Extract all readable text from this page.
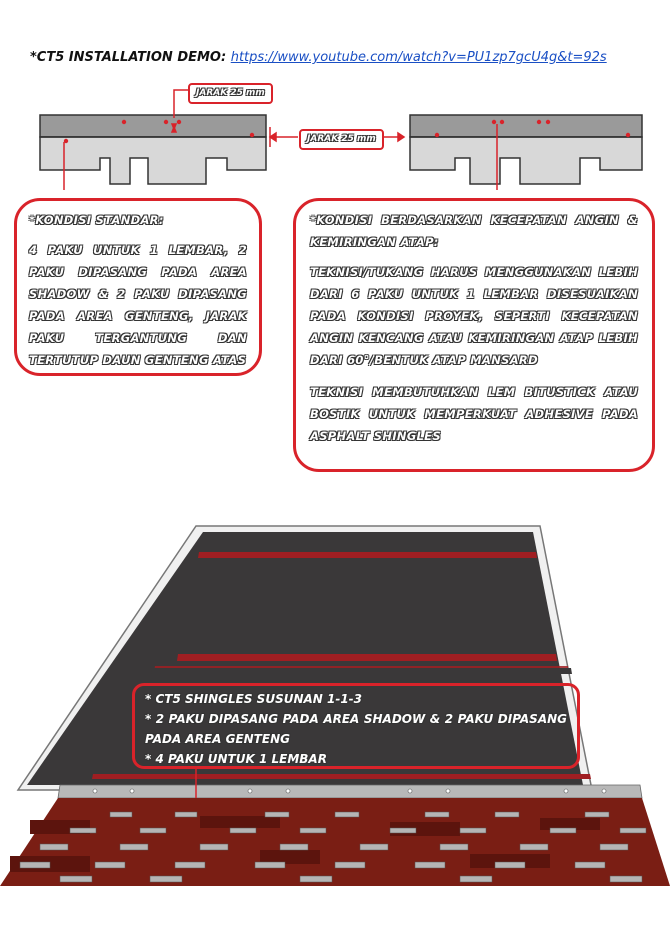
*CT5 INSTALLATION DEMO: https://www.youtube.com/watch?v=PU1zp7gcU4g&t=92s
JARAK 25 mm
JARAK 25 mm

*KONDISI STANDAR:

4 PAKU UNTUK 1 LEMBAR, 2 PAKU DIPASANG PADA AREA SHADOW & 2 PAKU DIPASANG PADA AREA GENTENG, JARAK PAKU TERGANTUNG DAN TERTUTUP DAUN GENTENG ATAS

*KONDISI BERDASARKAN KECEPATAN ANGIN & KEMIRINGAN ATAP:

TEKNISI/TUKANG HARUS MENGGUNAKAN LEBIH DARI 6 PAKU UNTUK 1 LEMBAR DISESUAIKAN PADA KONDISI PROYEK, SEPERTI KECEPATAN ANGIN KENCANG ATAU KEMIRINGAN ATAP LEBIH DARI 60°/BENTUK ATAP MANSARD

TEKNISI MEMBUTUHKAN LEM BITUSTICK ATAU BOSTIK UNTUK MEMPERKUAT ADHESIVE PADA ASPHALT SHINGLES

* CT5 SHINGLES SUSUNAN 1-1-3

* 2 PAKU DIPASANG PADA AREA SHADOW & 2 PAKU DIPASANG PADA AREA GENTENG

* 4 PAKU UNTUK 1 LEMBAR
